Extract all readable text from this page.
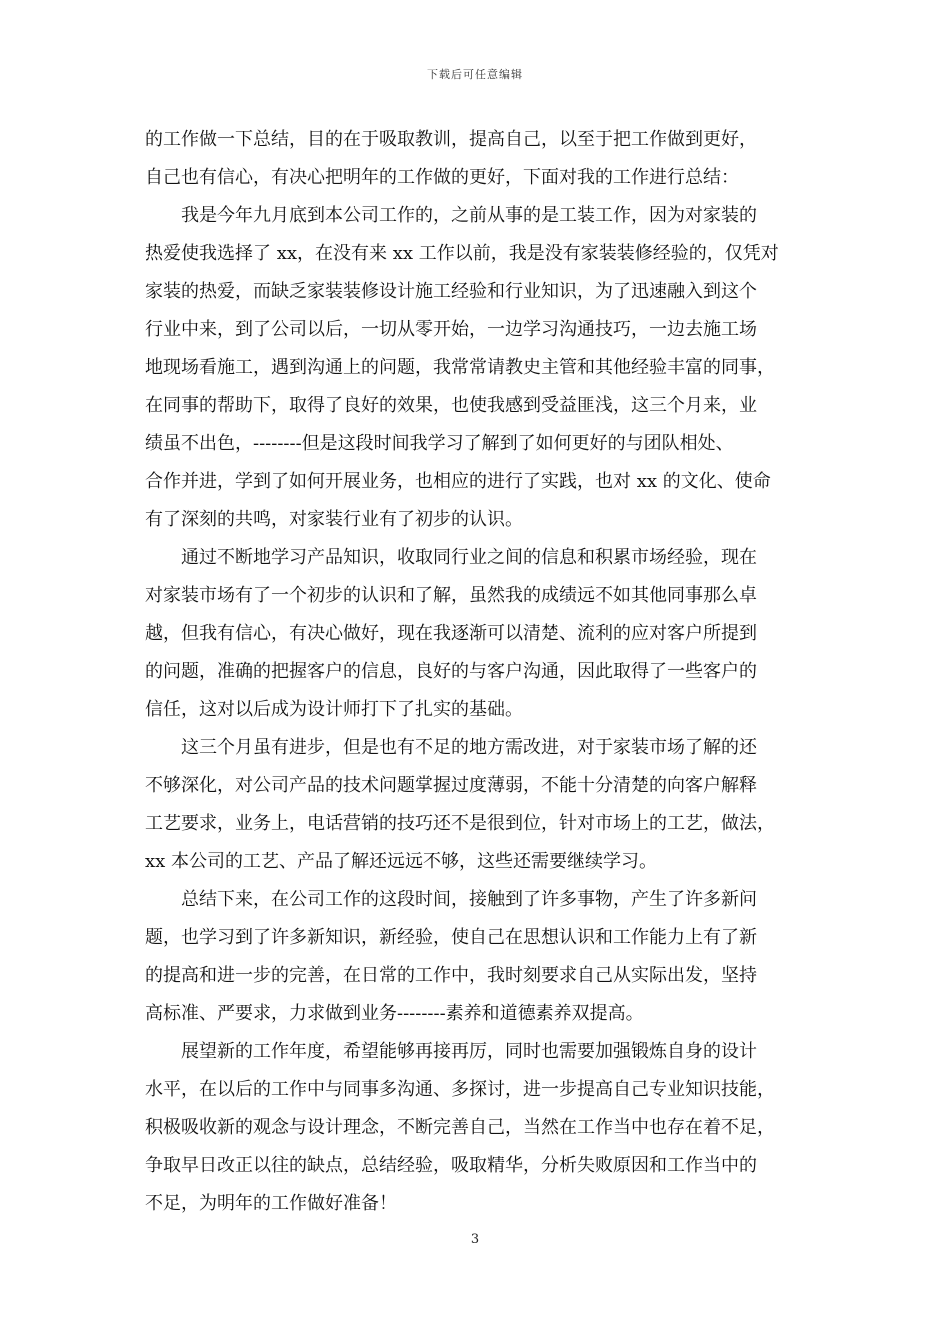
下载后可任意编辑
的工作做一下总结，目的在于吸取教训，提高自己，以至于把工作做到更好，
自己也有信心，有决心把明年的工作做的更好，下面对我的工作进行总结：
　　我是今年九月底到本公司工作的，之前从事的是工装工作，因为对家装的
热爱使我选择了 xx，在没有来 xx 工作以前，我是没有家装装修经验的，仅凭对
家装的热爱，而缺乏家装装修设计施工经验和行业知识，为了迅速融入到这个
行业中来，到了公司以后，一切从零开始，一边学习沟通技巧，一边去施工场
地现场看施工，遇到沟通上的问题，我常常请教史主管和其他经验丰富的同事，
在同事的帮助下，取得了良好的效果，也使我感到受益匪浅，这三个月来，业
绩虽不出色，--------但是这段时间我学习了解到了如何更好的与团队相处、
合作并进，学到了如何开展业务，也相应的进行了实践，也对 xx 的文化、使命
有了深刻的共鸣，对家装行业有了初步的认识。
　　通过不断地学习产品知识，收取同行业之间的信息和积累市场经验，现在
对家装市场有了一个初步的认识和了解，虽然我的成绩远不如其他同事那么卓
越，但我有信心，有决心做好，现在我逐渐可以清楚、流利的应对客户所提到
的问题，准确的把握客户的信息，良好的与客户沟通，因此取得了一些客户的
信任，这对以后成为设计师打下了扎实的基础。
　　这三个月虽有进步，但是也有不足的地方需改进，对于家装市场了解的还
不够深化，对公司产品的技术问题掌握过度薄弱，不能十分清楚的向客户解释
工艺要求，业务上，电话营销的技巧还不是很到位，针对市场上的工艺，做法，
xx 本公司的工艺、产品了解还远远不够，这些还需要继续学习。
　　总结下来，在公司工作的这段时间，接触到了许多事物，产生了许多新问
题，也学习到了许多新知识，新经验，使自己在思想认识和工作能力上有了新
的提高和进一步的完善，在日常的工作中，我时刻要求自己从实际出发，坚持
高标准、严要求，力求做到业务--------素养和道德素养双提高。
　　展望新的工作年度，希望能够再接再厉，同时也需要加强锻炼自身的设计
水平，在以后的工作中与同事多沟通、多探讨，进一步提高自己专业知识技能，
积极吸收新的观念与设计理念，不断完善自己，当然在工作当中也存在着不足，
争取早日改正以往的缺点，总结经验，吸取精华，分析失败原因和工作当中的
不足，为明年的工作做好准备！
3
